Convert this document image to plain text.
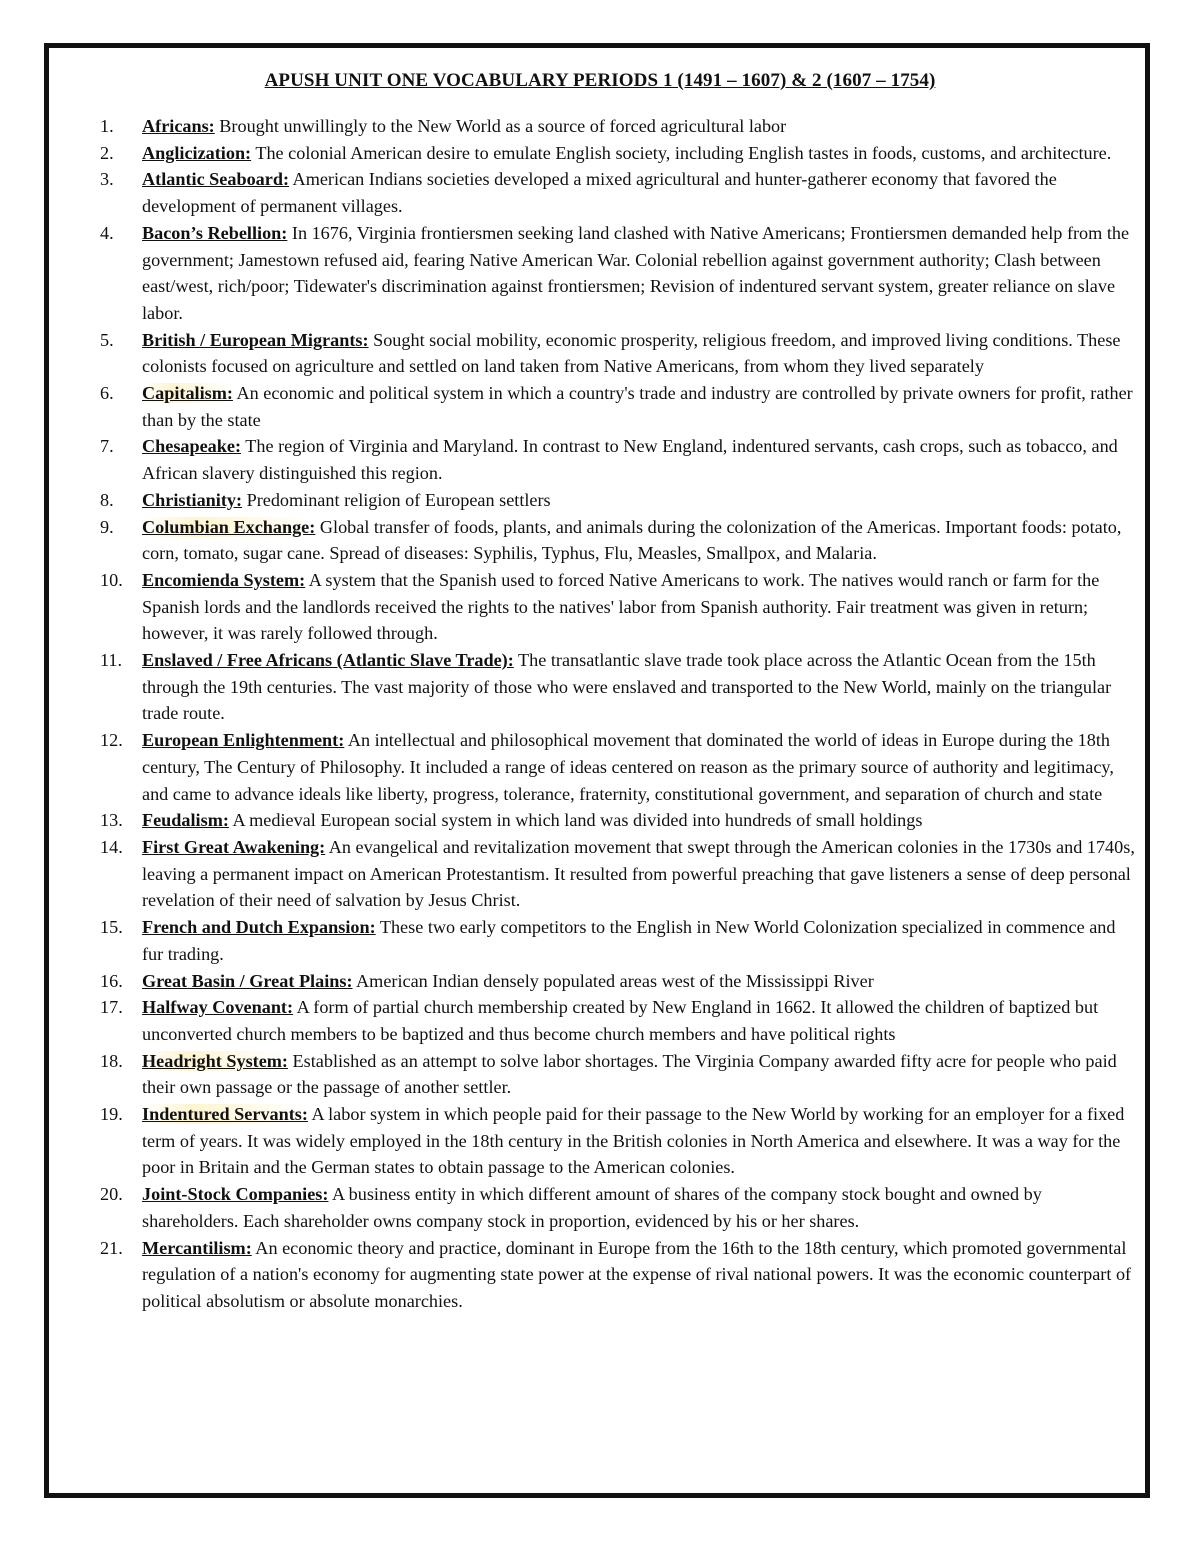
APUSH UNIT ONE VOCABULARY PERIODS 1 (1491 – 1607) & 2 (1607 – 1754)
1.	Africans: Brought unwillingly to the New World as a source of forced agricultural labor
2.	Anglicization: The colonial American desire to emulate English society, including English tastes in foods, customs, and architecture.
3.	Atlantic Seaboard: American Indians societies developed a mixed agricultural and hunter-gatherer economy that favored the development of permanent villages.
4.	Bacon’s Rebellion: In 1676, Virginia frontiersmen seeking land clashed with Native Americans; Frontiersmen demanded help from the government; Jamestown refused aid, fearing Native American War. Colonial rebellion against government authority; Clash between east/west, rich/poor; Tidewater's discrimination against frontiersmen; Revision of indentured servant system, greater reliance on slave labor.
5.	British / European Migrants: Sought social mobility, economic prosperity, religious freedom, and improved living conditions. These colonists focused on agriculture and settled on land taken from Native Americans, from whom they lived separately
6.	Capitalism: An economic and political system in which a country's trade and industry are controlled by private owners for profit, rather than by the state
7.	Chesapeake: The region of Virginia and Maryland. In contrast to New England, indentured servants, cash crops, such as tobacco, and African slavery distinguished this region.
8.	Christianity: Predominant religion of European settlers
9.	Columbian Exchange: Global transfer of foods, plants, and animals during the colonization of the Americas. Important foods: potato, corn, tomato, sugar cane. Spread of diseases: Syphilis, Typhus, Flu, Measles, Smallpox, and Malaria.
10.	Encomienda System: A system that the Spanish used to forced Native Americans to work. The natives would ranch or farm for the Spanish lords and the landlords received the rights to the natives' labor from Spanish authority. Fair treatment was given in return; however, it was rarely followed through.
11.	Enslaved / Free Africans (Atlantic Slave Trade): The transatlantic slave trade took place across the Atlantic Ocean from the 15th through the 19th centuries. The vast majority of those who were enslaved and transported to the New World, mainly on the triangular trade route.
12.	European Enlightenment: An intellectual and philosophical movement that dominated the world of ideas in Europe during the 18th century, The Century of Philosophy. It included a range of ideas centered on reason as the primary source of authority and legitimacy, and came to advance ideals like liberty, progress, tolerance, fraternity, constitutional government, and separation of church and state
13.	Feudalism: A medieval European social system in which land was divided into hundreds of small holdings
14.	First Great Awakening: An evangelical and revitalization movement that swept through the American colonies in the 1730s and 1740s, leaving a permanent impact on American Protestantism. It resulted from powerful preaching that gave listeners a sense of deep personal revelation of their need of salvation by Jesus Christ.
15.	French and Dutch Expansion: These two early competitors to the English in New World Colonization specialized in commence and fur trading.
16.	Great Basin / Great Plains: American Indian densely populated areas west of the Mississippi River
17.	Halfway Covenant: A form of partial church membership created by New England in 1662. It allowed the children of baptized but unconverted church members to be baptized and thus become church members and have political rights
18.	Headright System: Established as an attempt to solve labor shortages. The Virginia Company awarded fifty acre for people who paid their own passage or the passage of another settler.
19.	Indentured Servants: A labor system in which people paid for their passage to the New World by working for an employer for a fixed term of years. It was widely employed in the 18th century in the British colonies in North America and elsewhere. It was a way for the poor in Britain and the German states to obtain passage to the American colonies.
20.	Joint-Stock Companies: A business entity in which different amount of shares of the company stock bought and owned by shareholders. Each shareholder owns company stock in proportion, evidenced by his or her shares.
21.	Mercantilism: An economic theory and practice, dominant in Europe from the 16th to the 18th century, which promoted governmental regulation of a nation's economy for augmenting state power at the expense of rival national powers. It was the economic counterpart of political absolutism or absolute monarchies.
